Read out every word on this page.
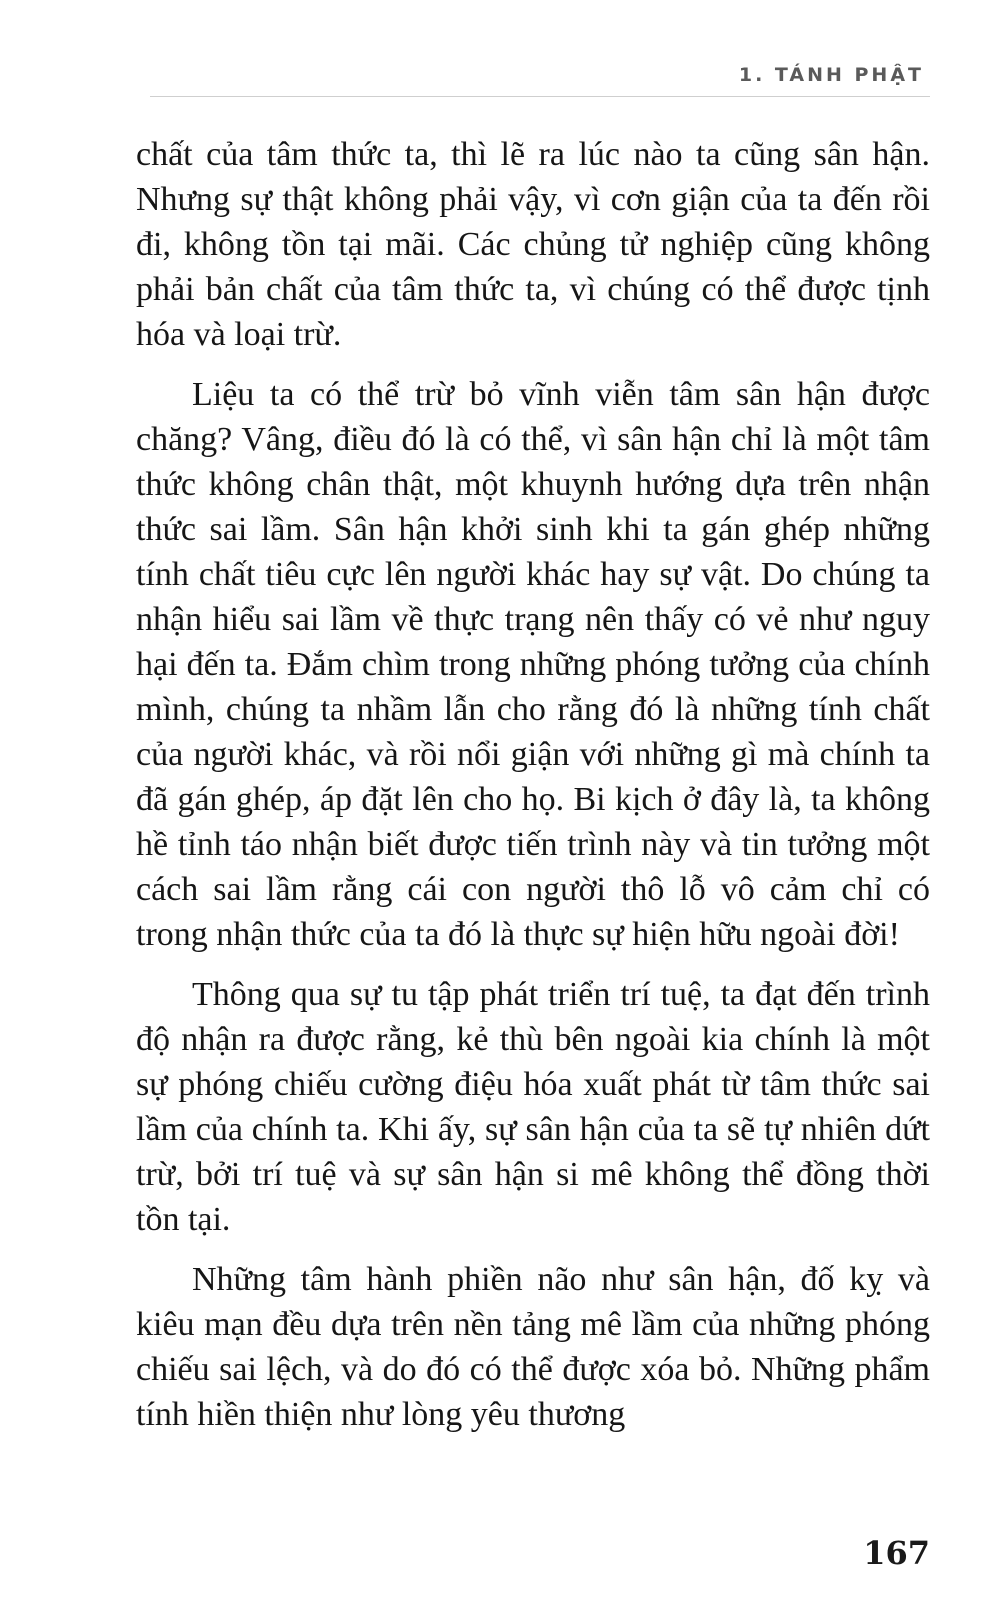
1. TÁNH PHẬT

chất của tâm thức ta, thì lẽ ra lúc nào ta cũng sân hận. Nhưng sự thật không phải vậy, vì cơn giận của ta đến rồi đi, không tồn tại mãi. Các chủng tử nghiệp cũng không phải bản chất của tâm thức ta, vì chúng có thể được tịnh hóa và loại trừ.

Liệu ta có thể trừ bỏ vĩnh viễn tâm sân hận được chăng? Vâng, điều đó là có thể, vì sân hận chỉ là một tâm thức không chân thật, một khuynh hướng dựa trên nhận thức sai lầm. Sân hận khởi sinh khi ta gán ghép những tính chất tiêu cực lên người khác hay sự vật. Do chúng ta nhận hiểu sai lầm về thực trạng nên thấy có vẻ như nguy hại đến ta. Đắm chìm trong những phóng tưởng của chính mình, chúng ta nhầm lẫn cho rằng đó là những tính chất của người khác, và rồi nổi giận với những gì mà chính ta đã gán ghép, áp đặt lên cho họ. Bi kịch ở đây là, ta không hề tỉnh táo nhận biết được tiến trình này và tin tưởng một cách sai lầm rằng cái con người thô lỗ vô cảm chỉ có trong nhận thức của ta đó là thực sự hiện hữu ngoài đời!

Thông qua sự tu tập phát triển trí tuệ, ta đạt đến trình độ nhận ra được rằng, kẻ thù bên ngoài kia chính là một sự phóng chiếu cường điệu hóa xuất phát từ tâm thức sai lầm của chính ta. Khi ấy, sự sân hận của ta sẽ tự nhiên dứt trừ, bởi trí tuệ và sự sân hận si mê không thể đồng thời tồn tại.

Những tâm hành phiền não như sân hận, đố kỵ và kiêu mạn đều dựa trên nền tảng mê lầm của những phóng chiếu sai lệch, và do đó có thể được xóa bỏ. Những phẩm tính hiền thiện như lòng yêu thương

167
